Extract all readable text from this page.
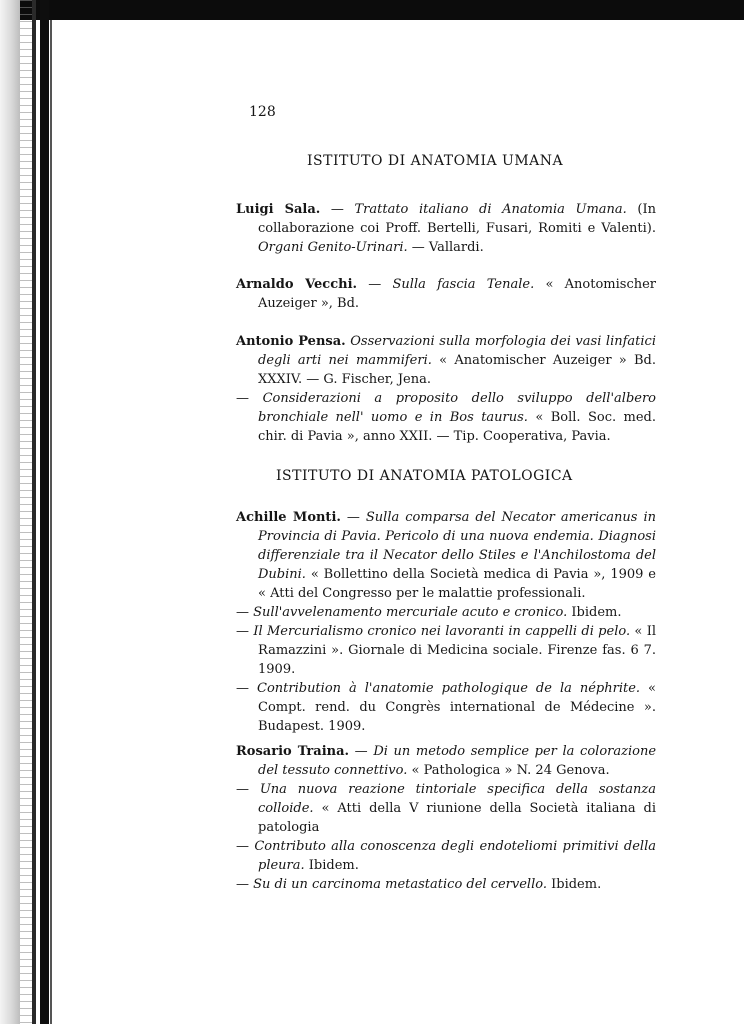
128
ISTITUTO DI ANATOMIA UMANA

Luigi Sala. — Trattato italiano di Anatomia Umana. (In collaborazione coi Proff. Bertelli, Fusari, Romiti e Valenti). Organi Genito-Urinari. — Vallardi.

Arnaldo Vecchi. — Sulla fascia Tenale. « Anotomischer Auzeiger », Bd.

Antonio Pensa. Osservazioni sulla morfologia dei vasi linfatici degli arti nei mammiferi. « Anatomischer Auzeiger » Bd. XXXIV. — G. Fischer, Jena.

— Considerazioni a proposito dello sviluppo dell'albero bronchiale nell' uomo e in Bos taurus. « Boll. Soc. med. chir. di Pavia », anno XXII. — Tip. Cooperativa, Pavia.

ISTITUTO DI ANATOMIA PATOLOGICA

Achille Monti. — Sulla comparsa del Necator americanus in Provincia di Pavia. Pericolo di una nuova endemia. Diagnosi differenziale tra il Necator dello Stiles e l'Anchilostoma del Dubini. « Bollettino della Società medica di Pavia », 1909 e « Atti del Congresso per le malattie professionali.

— Sull'avvelenamento mercuriale acuto e cronico. Ibidem.

— Il Mercurialismo cronico nei lavoranti in cappelli di pelo. « Il Ramazzini ». Giornale di Medicina sociale. Firenze fas. 6 7. 1909.

— Contribution à l'anatomie pathologique de la néphrite. « Compt. rend. du Congrès international de Médecine ». Budapest. 1909.

Rosario Traina. — Di un metodo semplice per la colorazione del tessuto connettivo. « Pathologica » N. 24 Genova.

— Una nuova reazione tintoriale specifica della sostanza colloide. « Atti della V riunione della Società italiana di patologia

— Contributo alla conoscenza degli endoteliomi primitivi della pleura. Ibidem.

— Su di un carcinoma metastatico del cervello. Ibidem.
